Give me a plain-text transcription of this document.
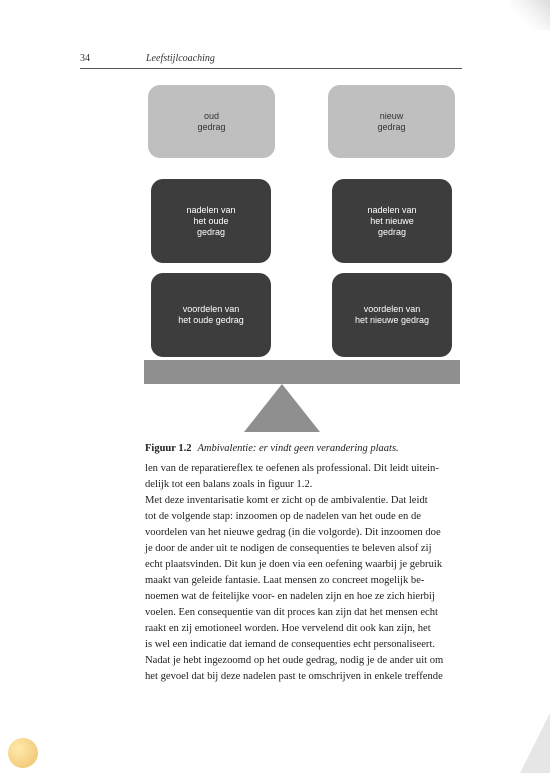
34	Leefstijlcoaching
oud
gedrag
nieuw
gedrag
nadelen van
het oude
gedrag
nadelen van
het nieuwe
gedrag
voordelen van
het oude gedrag
voordelen van
het nieuwe gedrag
Figuur 1.2 Ambivalentie: er vindt geen verandering plaats.
len van de reparatiereflex te oefenen als professional. Dit leidt uitein-
delijk tot een balans zoals in figuur 1.2.
Met deze inventarisatie komt er zicht op de ambivalentie. Dat leidt
tot de volgende stap: inzoomen op de nadelen van het oude en de
voordelen van het nieuwe gedrag (in die volgorde). Dit inzoomen doe
je door de ander uit te nodigen de consequenties te beleven alsof zij
echt plaatsvinden. Dit kun je doen via een oefening waarbij je gebruik
maakt van geleide fantasie. Laat mensen zo concreet mogelijk be-
noemen wat de feitelijke voor- en nadelen zijn en hoe ze zich hierbij
voelen. Een consequentie van dit proces kan zijn dat het mensen echt
raakt en zij emotioneel worden. Hoe vervelend dit ook kan zijn, het
is wel een indicatie dat iemand de consequenties echt personaliseert.
Nadat je hebt ingezoomd op het oude gedrag, nodig je de ander uit om
het gevoel dat bij deze nadelen past te omschrijven in enkele treffende
